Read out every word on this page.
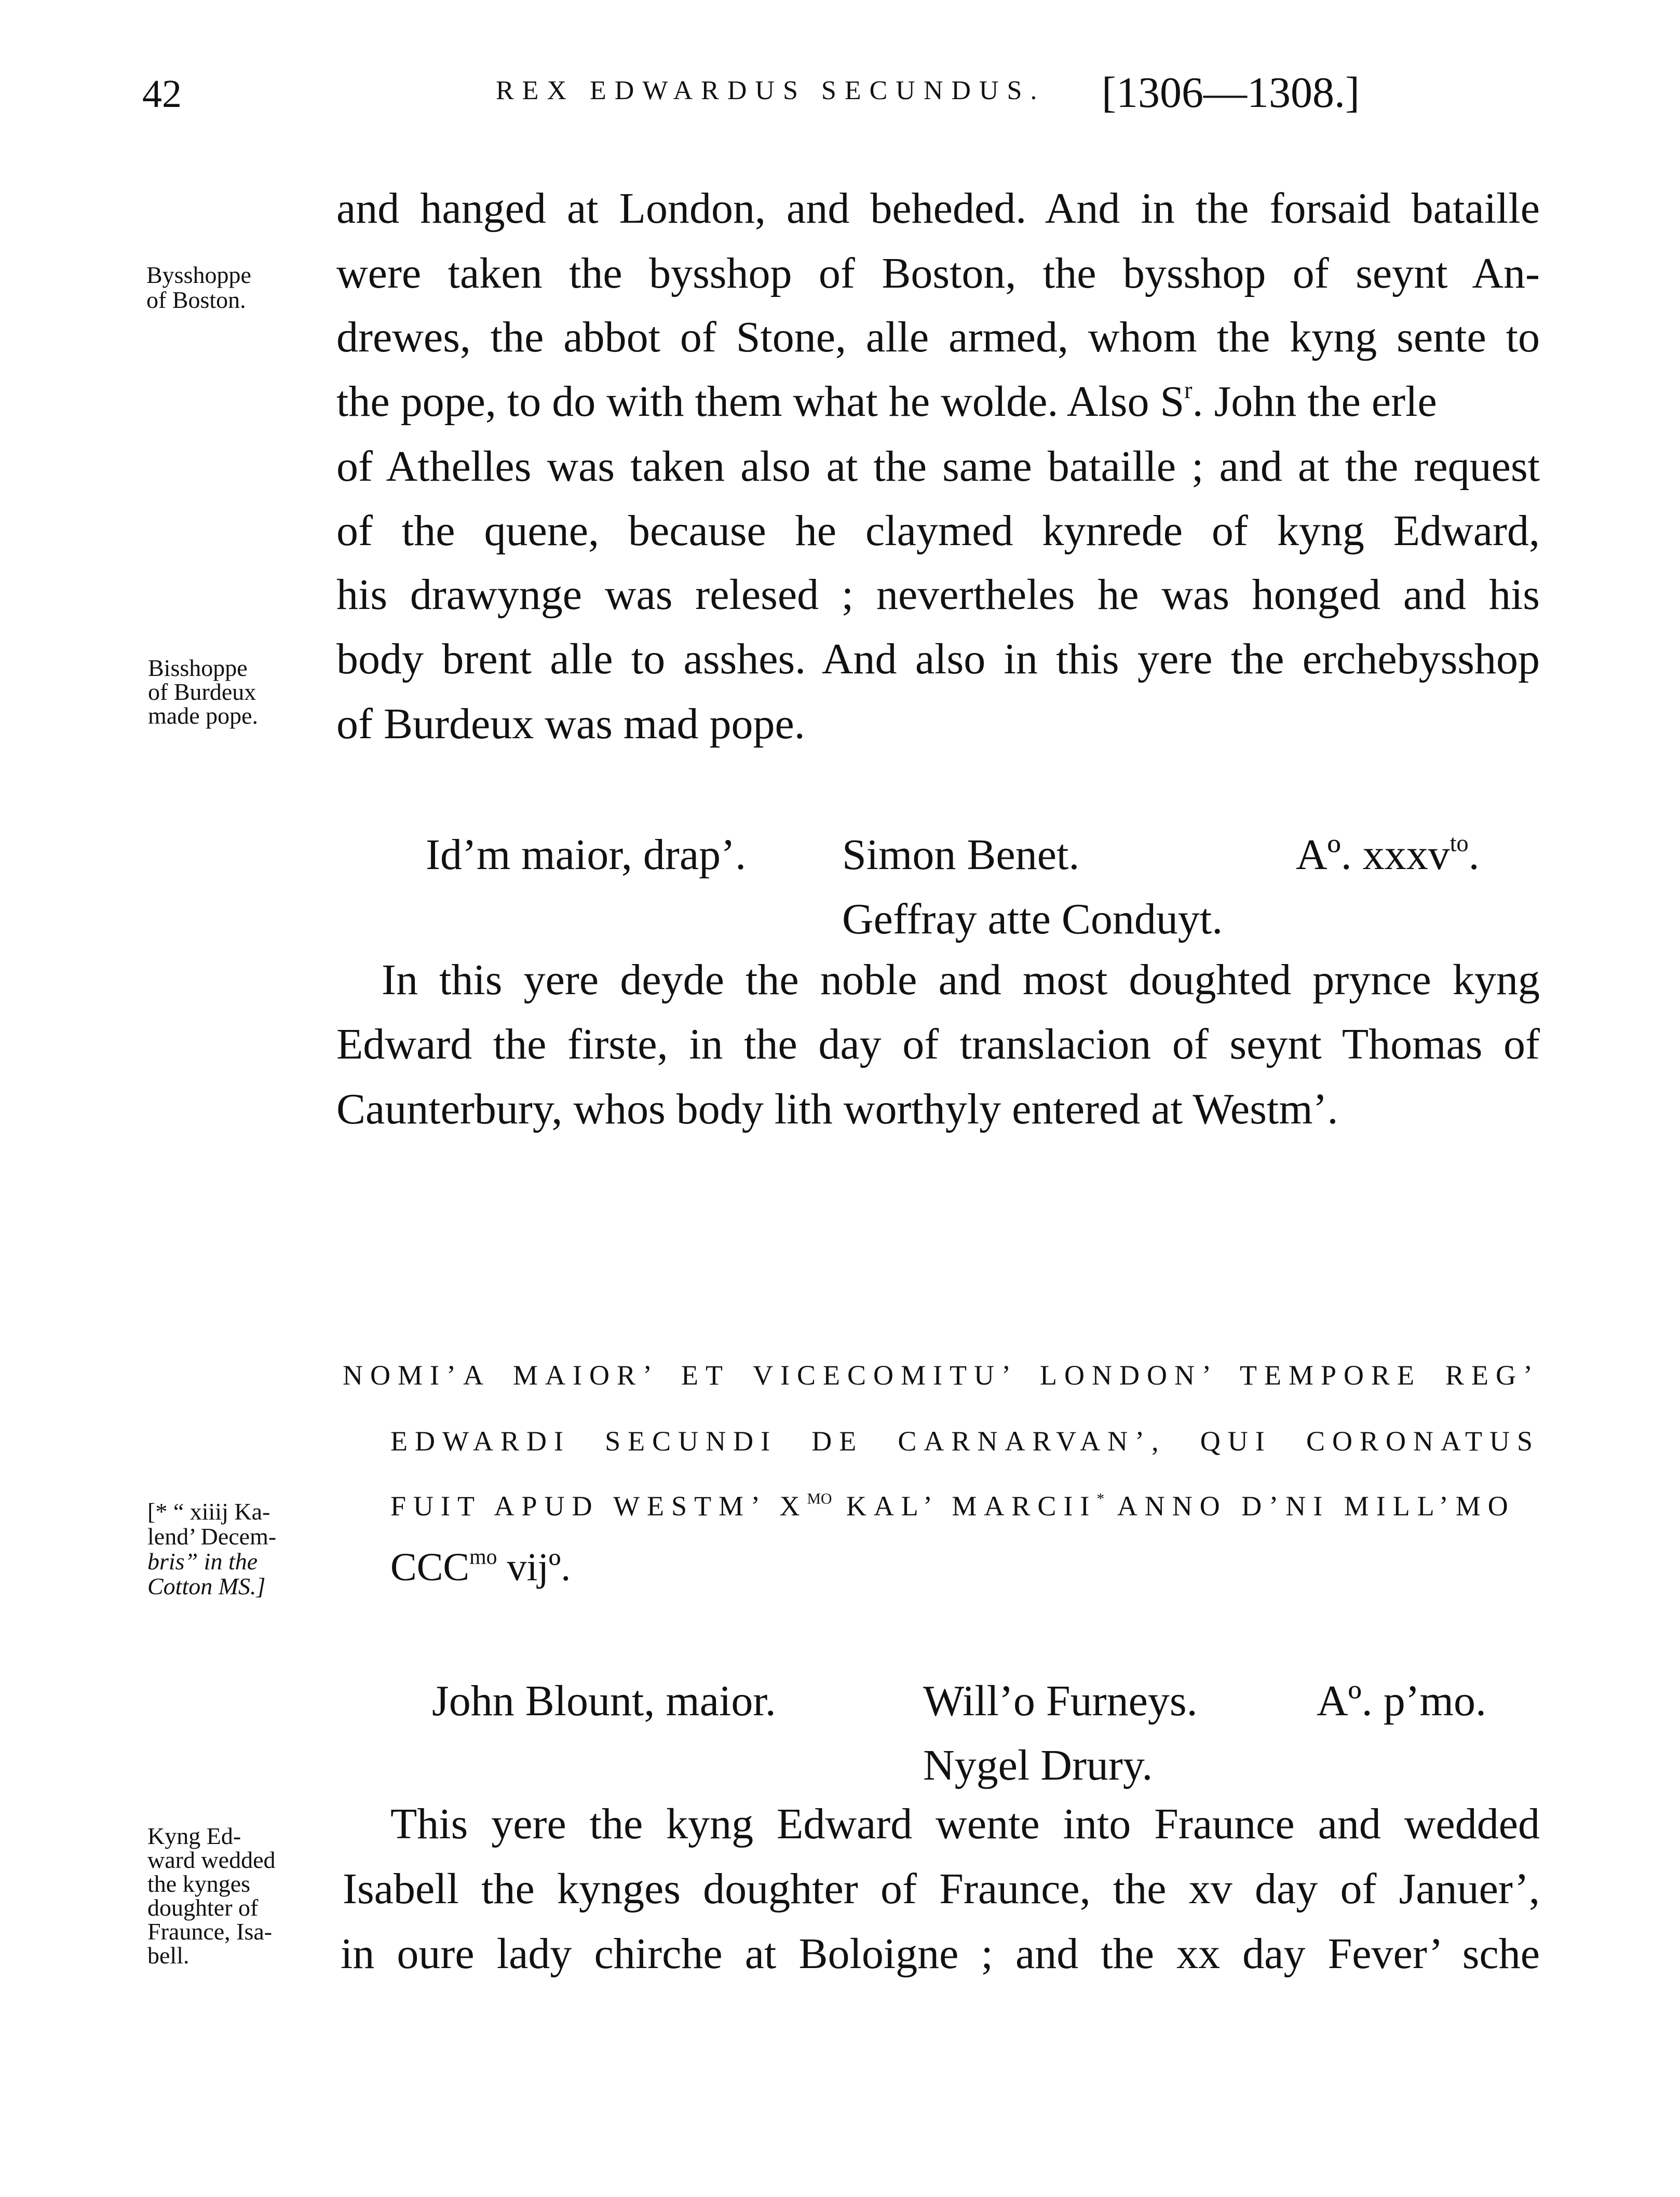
42	REX EDWARDUS SECUNDUS. [1306—1308.]
and hanged at London, and beheded. And in the forsaid bataille
were taken the bysshop of Boston, the bysshop of seynt An-
drewes, the abbot of Stone, alle armed, whom the kyng sente to
the pope, to do with them what he wolde. Also $S^r$. John the erle
of Athelles was taken also at the same bataille ; and at the request
of the quene, because he claymed kynrede of kyng Edward,
his drawynge was relesed ; nevertheles he was honged and his
body brent alle to asshes. And also in this yere the erchebysshop
of Burdeux was mad pope.
Bysshoppe
of Boston.
Bisshoppe
of Burdeux
made pope.
Id’m maior, drap’. Simon Benet.
Geffray atte Conduyt.
Aº. xxxv$^{to}$.
In this yere deyde the noble and most doughted prynce kyng
Edward the firste, in the day of translacion of seynt Thomas of
Caunterbury, whos body lith worthyly entered at Westm’.
NOMI’A MAIOR’ ET VICECOMITU’ LONDON’ TEMPORE REG’
EDWARDI SECUNDI DE CARNARVAN’, QUI CORONATUS
FUIT APUD WESTM’ $X^{MO}$ KAL’ MARCII* ANNO D’NI MILL’MO
$CCC^{mo}$ vijº.
[* “ xiiij Ka-
lend’ Decem-
bris” in the
Cotton MS.]
John Blount, maior.	Will’o Furneys.
Nygel Drury.
Aº. p’mo.
This yere the kyng Edward wente into Fraunce and wedded
Isabell the kynges doughter of Fraunce, the xv day of Januer’,
in oure lady chirche at Boloigne ; and the xx day Fever’ sche
Kyng Ed-
ward wedded
the kynges
doughter of
Fraunce, Isa-
bell.
